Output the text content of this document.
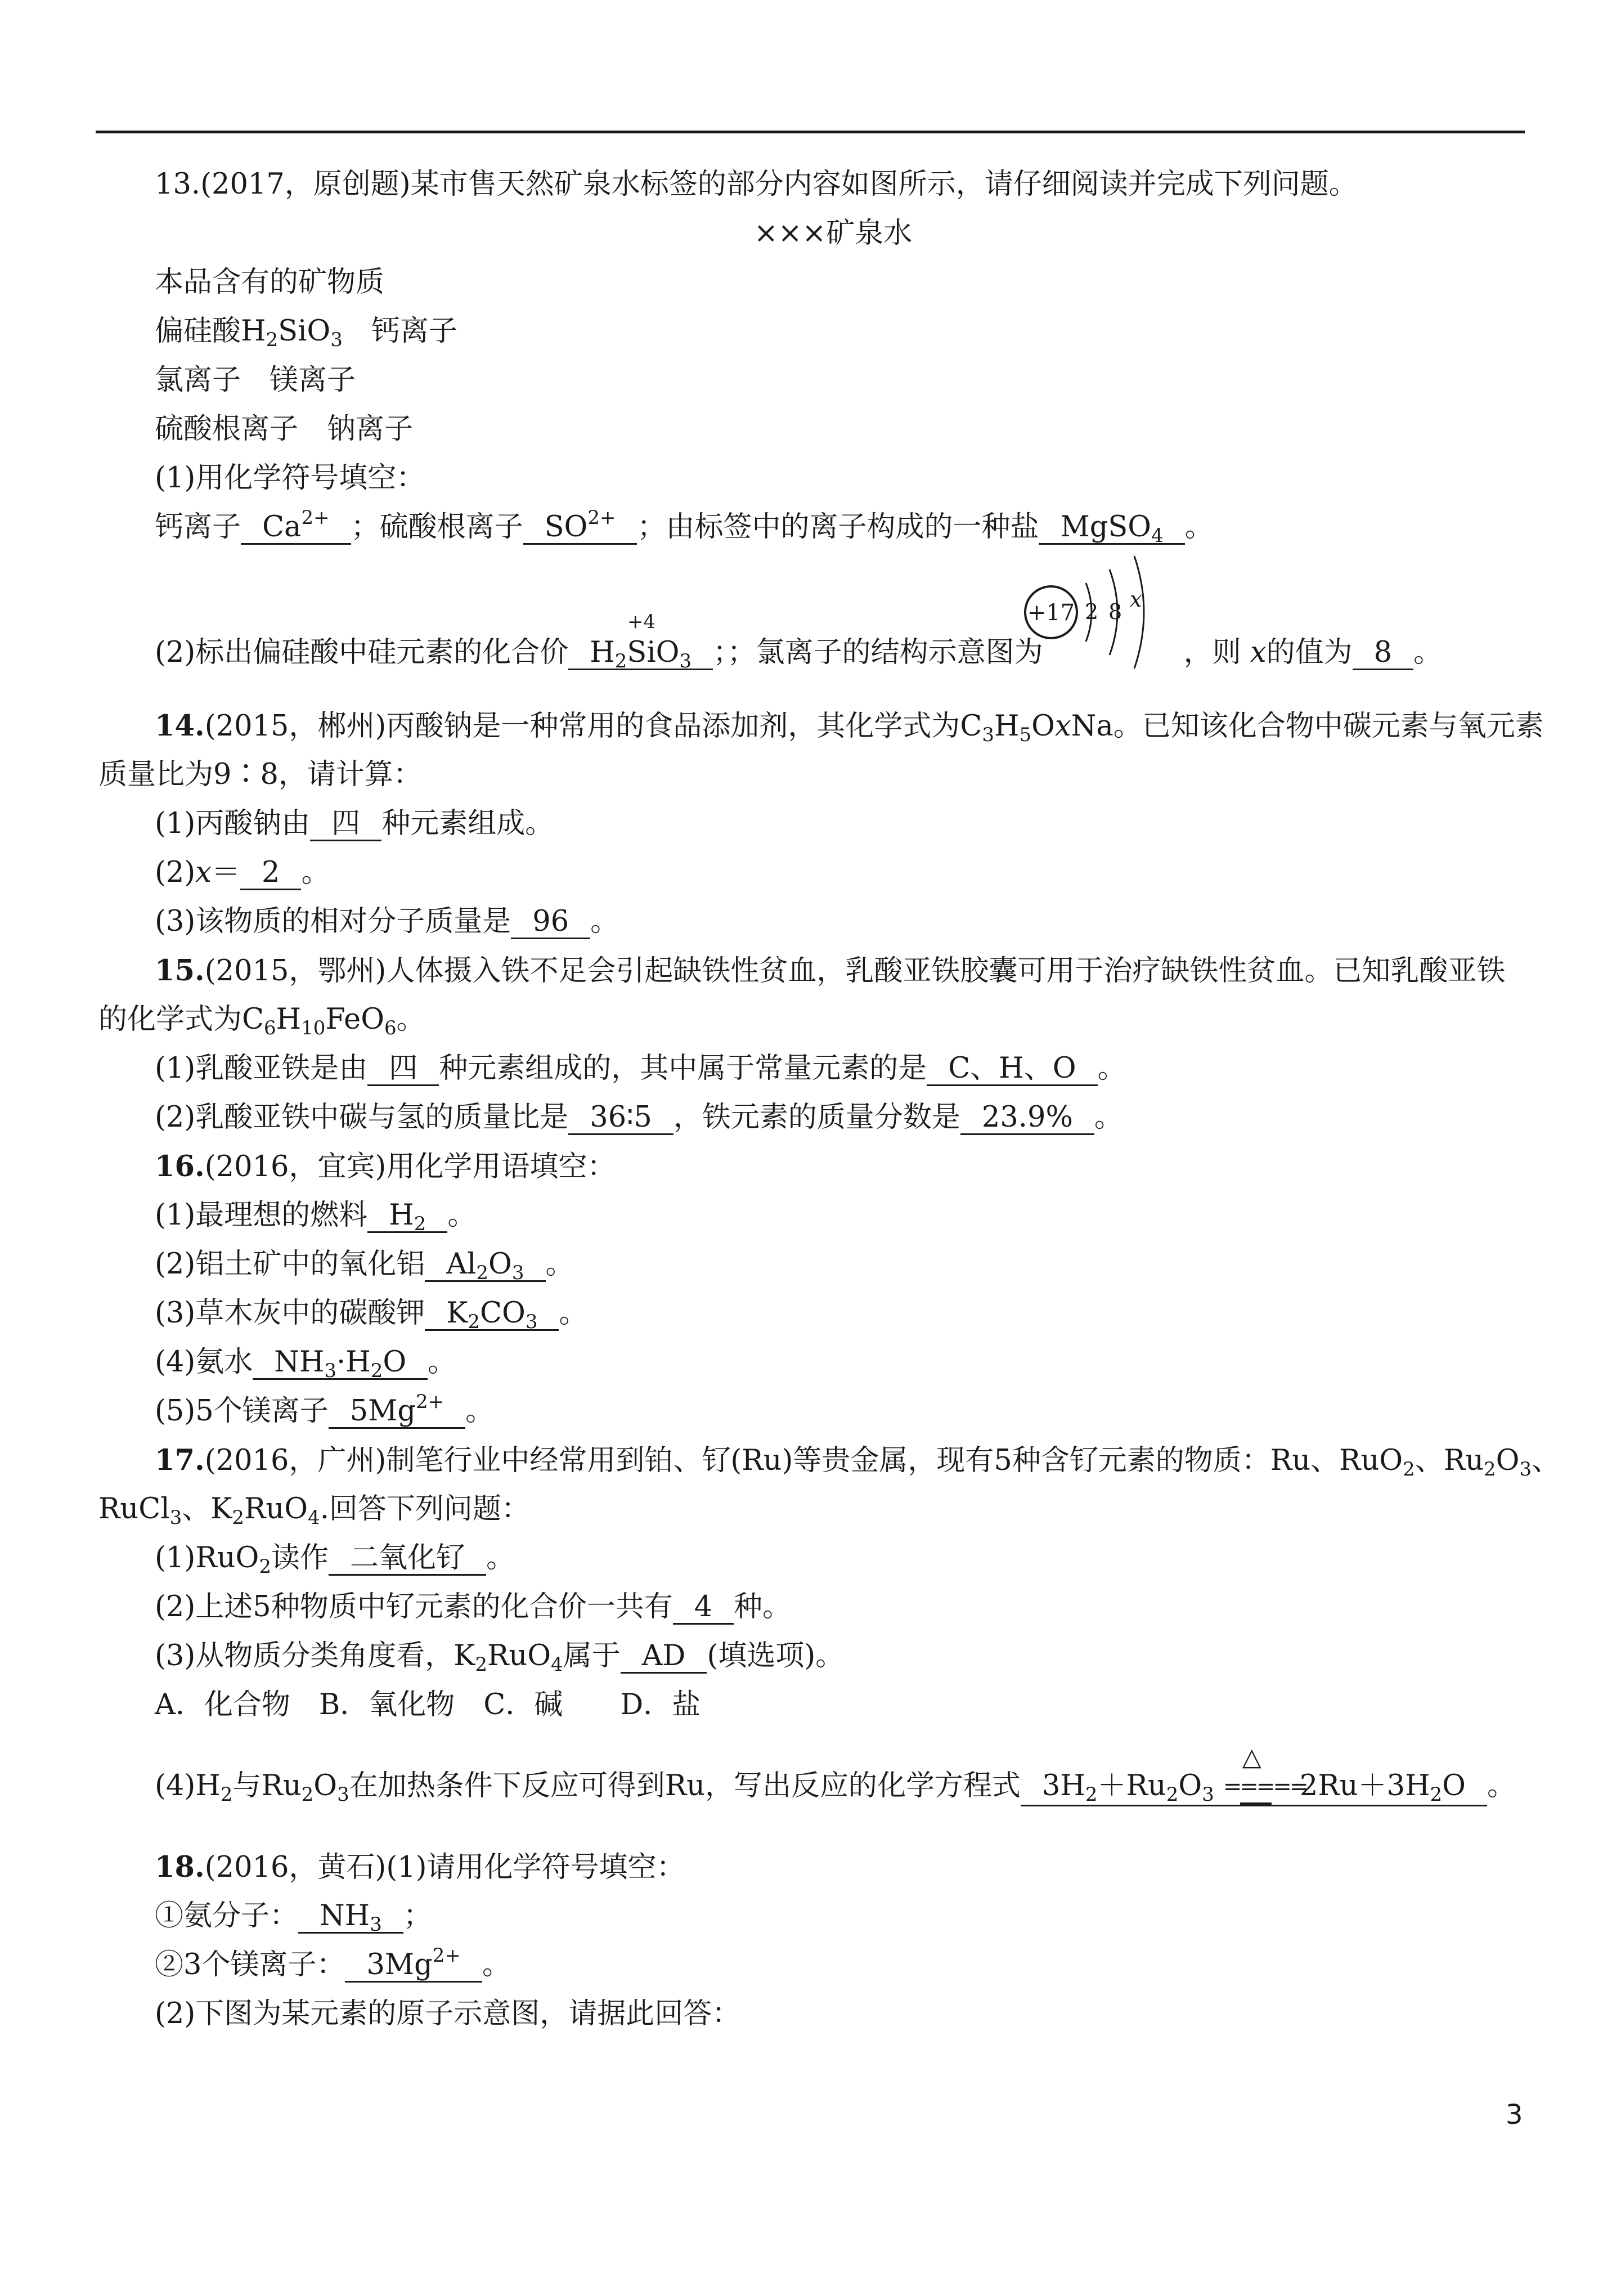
13.(2017，原创题)某市售天然矿泉水标签的部分内容如图所示，请仔细阅读并完成下列问题。
×××矿泉水
本品含有的矿物质
偏硅酸$H_2SiO_3$　钙离子
氯离子　镁离子
硫酸根离子　钠离子
(1)用化学符号填空：
钙离子 $Ca^{2+}$ ；硫酸根离子 $SO^{2+}$ ；由标签中的离子构成的一种盐 MgSO$_4$ 。
(2)标出偏硅酸中硅元素的化合价 $H_2$
+4
SiO$_3$ ；；氯离子的结构示意图为	，则 x的值为 8 。
+17 2 8 x
14.(2015，郴州)丙酸钠是一种常用的食品添加剂，其化学式为$C_3H_5OxNa$。已知该化合物中碳元素与氧元素
质量比为9∶8，请计算：
(1)丙酸钠由 四 种元素组成。
(2)x＝ 2 。
(3)该物质的相对分子质量是 96 。
15.(2015，鄂州)人体摄入铁不足会引起缺铁性贫血，乳酸亚铁胶囊可用于治疗缺铁性贫血。已知乳酸亚铁
的化学式为$C_6H_{10}FeO_6$。
(1)乳酸亚铁是由 四 种元素组成的，其中属于常量元素的是 C、H、O 。
(2)乳酸亚铁中碳与氢的质量比是 36∶5 ，铁元素的质量分数是 23.9% 。
16.(2016，宜宾)用化学用语填空：
(1)最理想的燃料 $H_2$ 。
(2)铝土矿中的氧化铝 $Al_2O_3$ 。
(3)草木灰中的碳酸钾 $K_2CO_3$ 。
(4)氨水 $NH_3\cdot H_2O$ 。
(5)5个镁离子 $5Mg^{2+}$ 。
17.(2016，广州)制笔行业中经常用到铂、钌(Ru)等贵金属，现有5种含钌元素的物质：Ru、RuO$_2$、$Ru_2O_3$、
RuCl$_3$、$K_2RuO_4$.回答下列问题：
(1)RuO$_2$读作 二氧化钌 。
(2)上述5种物质中钌元素的化合价一共有 4 种。
(3)从物质分类角度看，$K_2RuO_4$属于 AD (填选项)。
A．化合物　B．氧化物　C．碱　　D．盐
$(4)H_2$与$Ru_2O_3$在加热条件下反应可得到Ru，写出反应的化学方程式 $3H_2+Ru_2O_3$
△
=====
$2Ru+3H_2O$ 。
18.(2016，黄石)(1)请用化学符号填空：
①氨分子： $NH_3$ ；
②3个镁离子： $3Mg^{2+}$ 。
(2)下图为某元素的原子示意图，请据此回答：
3
